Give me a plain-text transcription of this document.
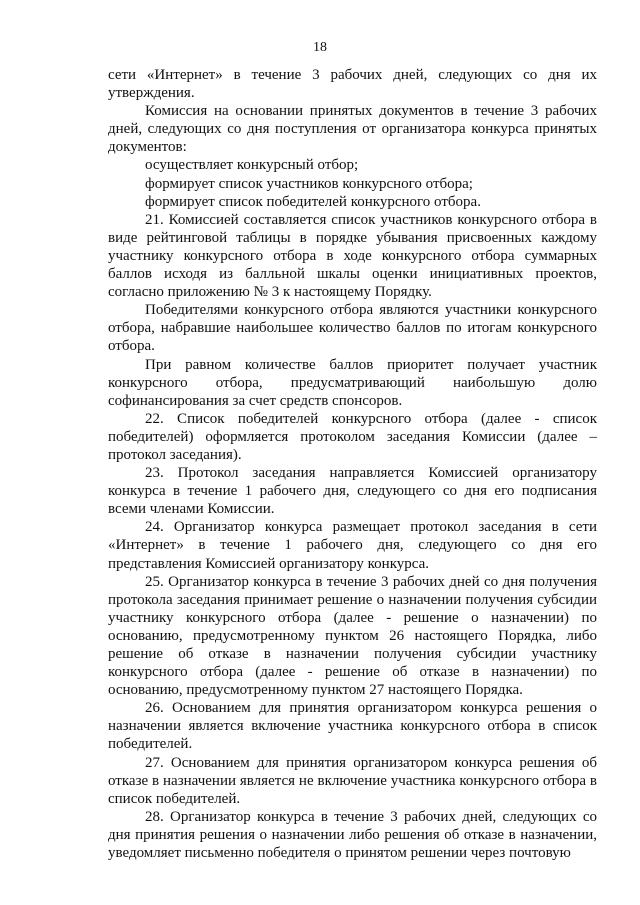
18

сети «Интернет» в течение 3 рабочих дней, следующих со дня их утверждения.

Комиссия на основании принятых документов в течение 3 рабочих дней, следующих со дня поступления от организатора конкурса принятых документов:

осуществляет конкурсный отбор;

формирует список участников конкурсного отбора;

формирует список победителей конкурсного отбора.

21. Комиссией составляется список участников конкурсного отбора в виде рейтинговой таблицы в порядке убывания присвоенных каждому участнику конкурсного отбора в ходе конкурсного отбора суммарных баллов исходя из балльной шкалы оценки инициативных проектов, согласно приложению № 3 к настоящему Порядку.

Победителями конкурсного отбора являются участники конкурсного отбора, набравшие наибольшее количество баллов по итогам конкурсного отбора.

При равном количестве баллов приоритет получает участник конкурсного отбора, предусматривающий наибольшую долю софинансирования за счет средств спонсоров.

22. Список победителей конкурсного отбора (далее - список победителей) оформляется протоколом заседания Комиссии (далее – протокол заседания).

23. Протокол заседания направляется Комиссией организатору конкурса в течение 1 рабочего дня, следующего со дня его подписания всеми членами Комиссии.

24. Организатор конкурса размещает протокол заседания в сети «Интернет» в течение 1 рабочего дня, следующего со дня его представления Комиссией организатору конкурса.

25. Организатор конкурса в течение 3 рабочих дней со дня получения протокола заседания принимает решение о назначении получения субсидии участнику конкурсного отбора (далее - решение о назначении) по основанию, предусмотренному пунктом 26 настоящего Порядка, либо решение об отказе в назначении получения субсидии участнику конкурсного отбора (далее - решение об отказе в назначении) по основанию, предусмотренному пунктом 27 настоящего Порядка.

26. Основанием для принятия организатором конкурса решения о назначении является включение участника конкурсного отбора в список победителей.

27. Основанием для принятия организатором конкурса решения об отказе в назначении является не включение участника конкурсного отбора в список победителей.

28. Организатор конкурса в течение 3 рабочих дней, следующих со дня принятия решения о назначении либо решения об отказе в назначении, уведомляет письменно победителя о принятом решении через почтовую
